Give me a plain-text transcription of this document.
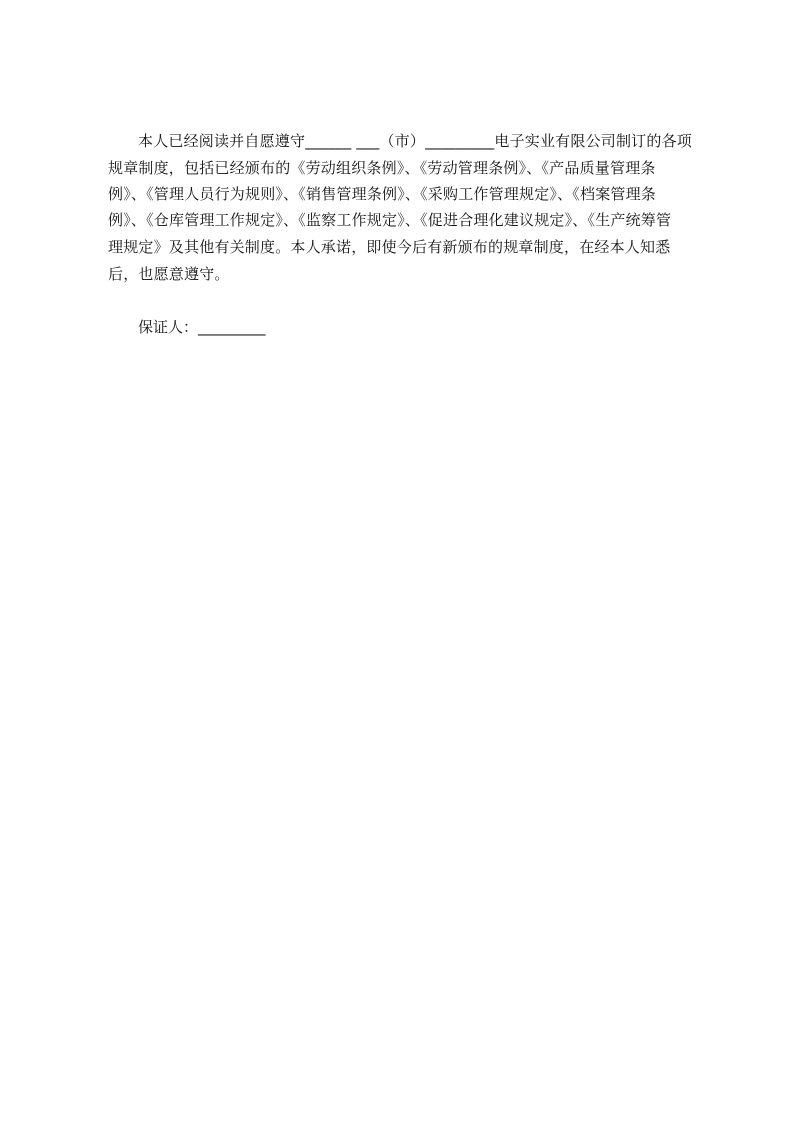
本人已经阅读并自愿遵守______ ___（市）_________电子实业有限公司制订的各项
规章制度，包括已经颁布的《劳动组织条例》、《劳动管理条例》、《产品质量管理条
例》、《管理人员行为规则》、《销售管理条例》、《采购工作管理规定》、《档案管理条
例》、《仓库管理工作规定》、《监察工作规定》、《促进合理化建议规定》、《生产统筹管
理规定》及其他有关制度。本人承诺，即使今后有新颁布的规章制度，在经本人知悉
后，也愿意遵守。
保证人：_________
